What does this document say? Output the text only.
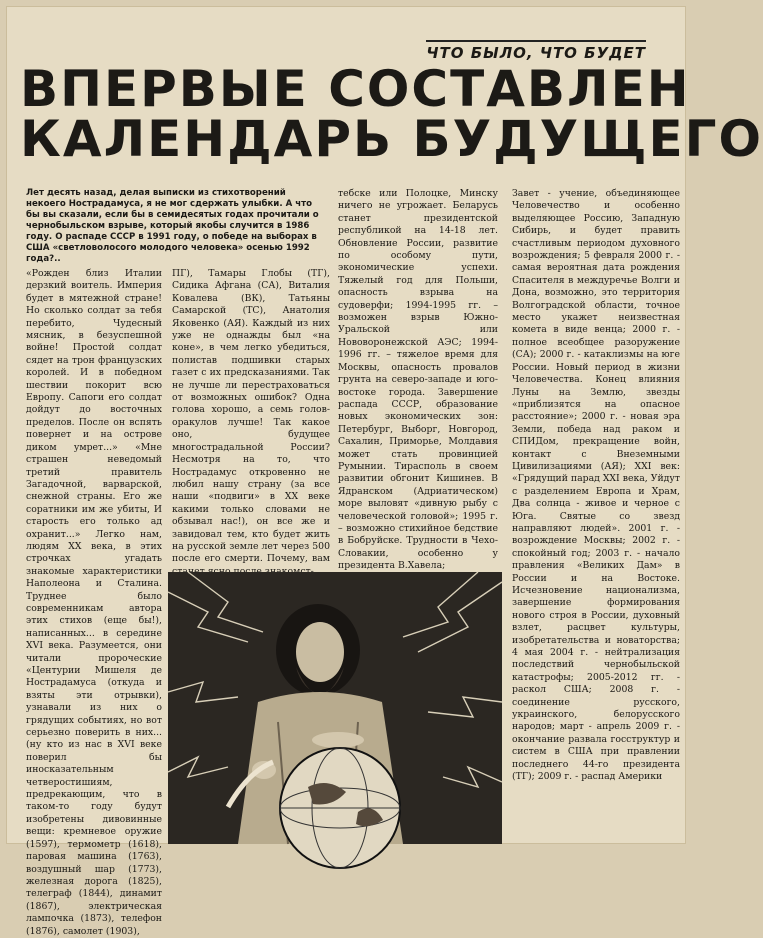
ЧТО БЫЛО, ЧТО БУДЕТ
ВПЕРВЫЕ СОСТАВЛЕН
КАЛЕНДАРЬ БУДУЩЕГО
Лет десять назад, делая выписки из стихотворений некоего Нострадамуса, я не мог сдержать улыбки. А что бы вы сказали, если бы в семидесятых годах прочитали о чернобыльском взрыве, который якобы случится в 1986 году. О распаде СССР в 1991 году, о победе на выборах в США «светловолосого молодого человека» осенью 1992 года?..

«Рожден близ Италии дерзкий воитель. Империя будет в мятежной стране! Но сколько солдат за тебя перебито, Чудесный мясник, в безуспешной войне! Простой солдат сядет на трон французских королей. И в победном шествии покорит всю Европу. Сапоги его солдат дойдут до восточных пределов. После он вспять повернет и на острове диком умрет...» «Мне страшен неведомый третий правитель Загадочной, варварской, снежной страны. Его же соратники им же убиты, И старость его только ад охранит...» Легко нам, людям XX века, в этих строчках угадать знакомые характеристики Наполеона и Сталина. Труднее было современникам автора этих стихов (еще бы!), написанных... в середине XVI века. Разумеется, они читали пророческие «Центурии Мишеля де Нострадамуса (откуда и взяты эти отрывки), узнавали из них о грядущих событиях, но вот серьезно поверить в них... (ну кто из нас в XVI веке поверил бы иносказательным четверостишиям, предрекающим, что в таком-то году будут изобретены дивовинные вещи: кремневое оружие (1597), термометр (1618), паровая машина (1763), воздушный шар (1773), железная дорога (1825), телеграф (1844), динамит (1867), электрическая лампочка (1873), телефон (1876), самолет (1903),

ПГ), Тамары Глобы (ТГ), Сидика Афгана (СА), Виталия Ковалева (ВК), Татьяны Самарской (ТС), Анатолия Яковенко (АЯ). Каждый из них уже не однажды был «на коне», в чем легко убедиться, полистав подшивки старых газет с их предсказаниями. Так не лучше ли перестраховаться от возможных ошибок? Одна голова хорошо, а семь голов-оракулов лучше! Так какое оно, будущее многострадальной России? Несмотря на то, что Нострадамус откровенно не любил нашу страну (за все наши «подвиги» в XX веке какими только словами не обзывал нас!), он все же и завидовал тем, кто будет жить на русской земле лет через 500 после его смерти. Почему, вам

тебске или Полоцке, Минску ничего не угрожает. Беларусь станет президентской республикой на 14-18 лет. Обновление России, развитие по особому пути, экономические успехи. Тяжелый год для Польши, опасность взрыва на судоверфи; 1994-1995 гг. – возможен взрыв Южно-Уральской или Нововоронежской АЭС; 1994-1996 гг. – тяжелое время для Москвы, опасность провалов грунта на северо-западе и юго-востоке города. Завершение распада СССР, образование новых экономических зон: Петербург, Выборг, Новгород, Сахалин, Приморье, Молдавия может стать провинцией Румынии. Тирасполь в своем развитии обгонит Кишинев. В Ядранском (Адриатическом) море выловят «дивную рыбу с человеческой головой»; 1995 г. – возможно стихийное бедствие в Бобруйске. Трудности в Чехо-Словакии, особенно у президента В.Хавела;

Завет - учение, объединяющее Человечество и особенно выделяющее Россию, Западную Сибирь, и будет править счастливым периодом духовного возрождения; 5 февраля 2000 г. - самая вероятная дата рождения Спасителя в междуречье Волги и Дона, возможно, это территория Волгоградской области, точное место укажет неизвестная комета в виде венца; 2000 г. - полное всеобщее разоружение (СА); 2000 г. - катаклизмы на юге России. Новый период в жизни Человечества. Конец влияния Луны на Землю, звезды «приблизятся на опасное расстояние»; 2000 г. - новая эра Земли, победа над раком и СПИДом, прекращение войн, контакт с Внеземными Цивилизациями (АЯ); XXI век: «Грядущий парад XXI века, Уйдут с разделением Европа и Храм, Два солнца - живое и черное с Юга. Святые со звезд направляют людей». 2001 г. - возрождение Москвы; 2002 г. - спокойный год; 2003 г. - начало правления «Великих Дам» в России и на Востоке. Исчезновение национализма, завершение формирования нового строя в России, духовный взлет, расцвет культуры, изобретательства и новаторства; 4 мая 2004 г. - нейтрализация последствий чернобыльской катастрофы; 2005-2012 гг. - раскол США; 2008 г. - соединение русского, украинского, белорусского народов; март - апрель 2009 г. - окончание развала госструктур и систем в США при правлении последнего 44-го президента (ТГ); 2009 г. - распад Америки
